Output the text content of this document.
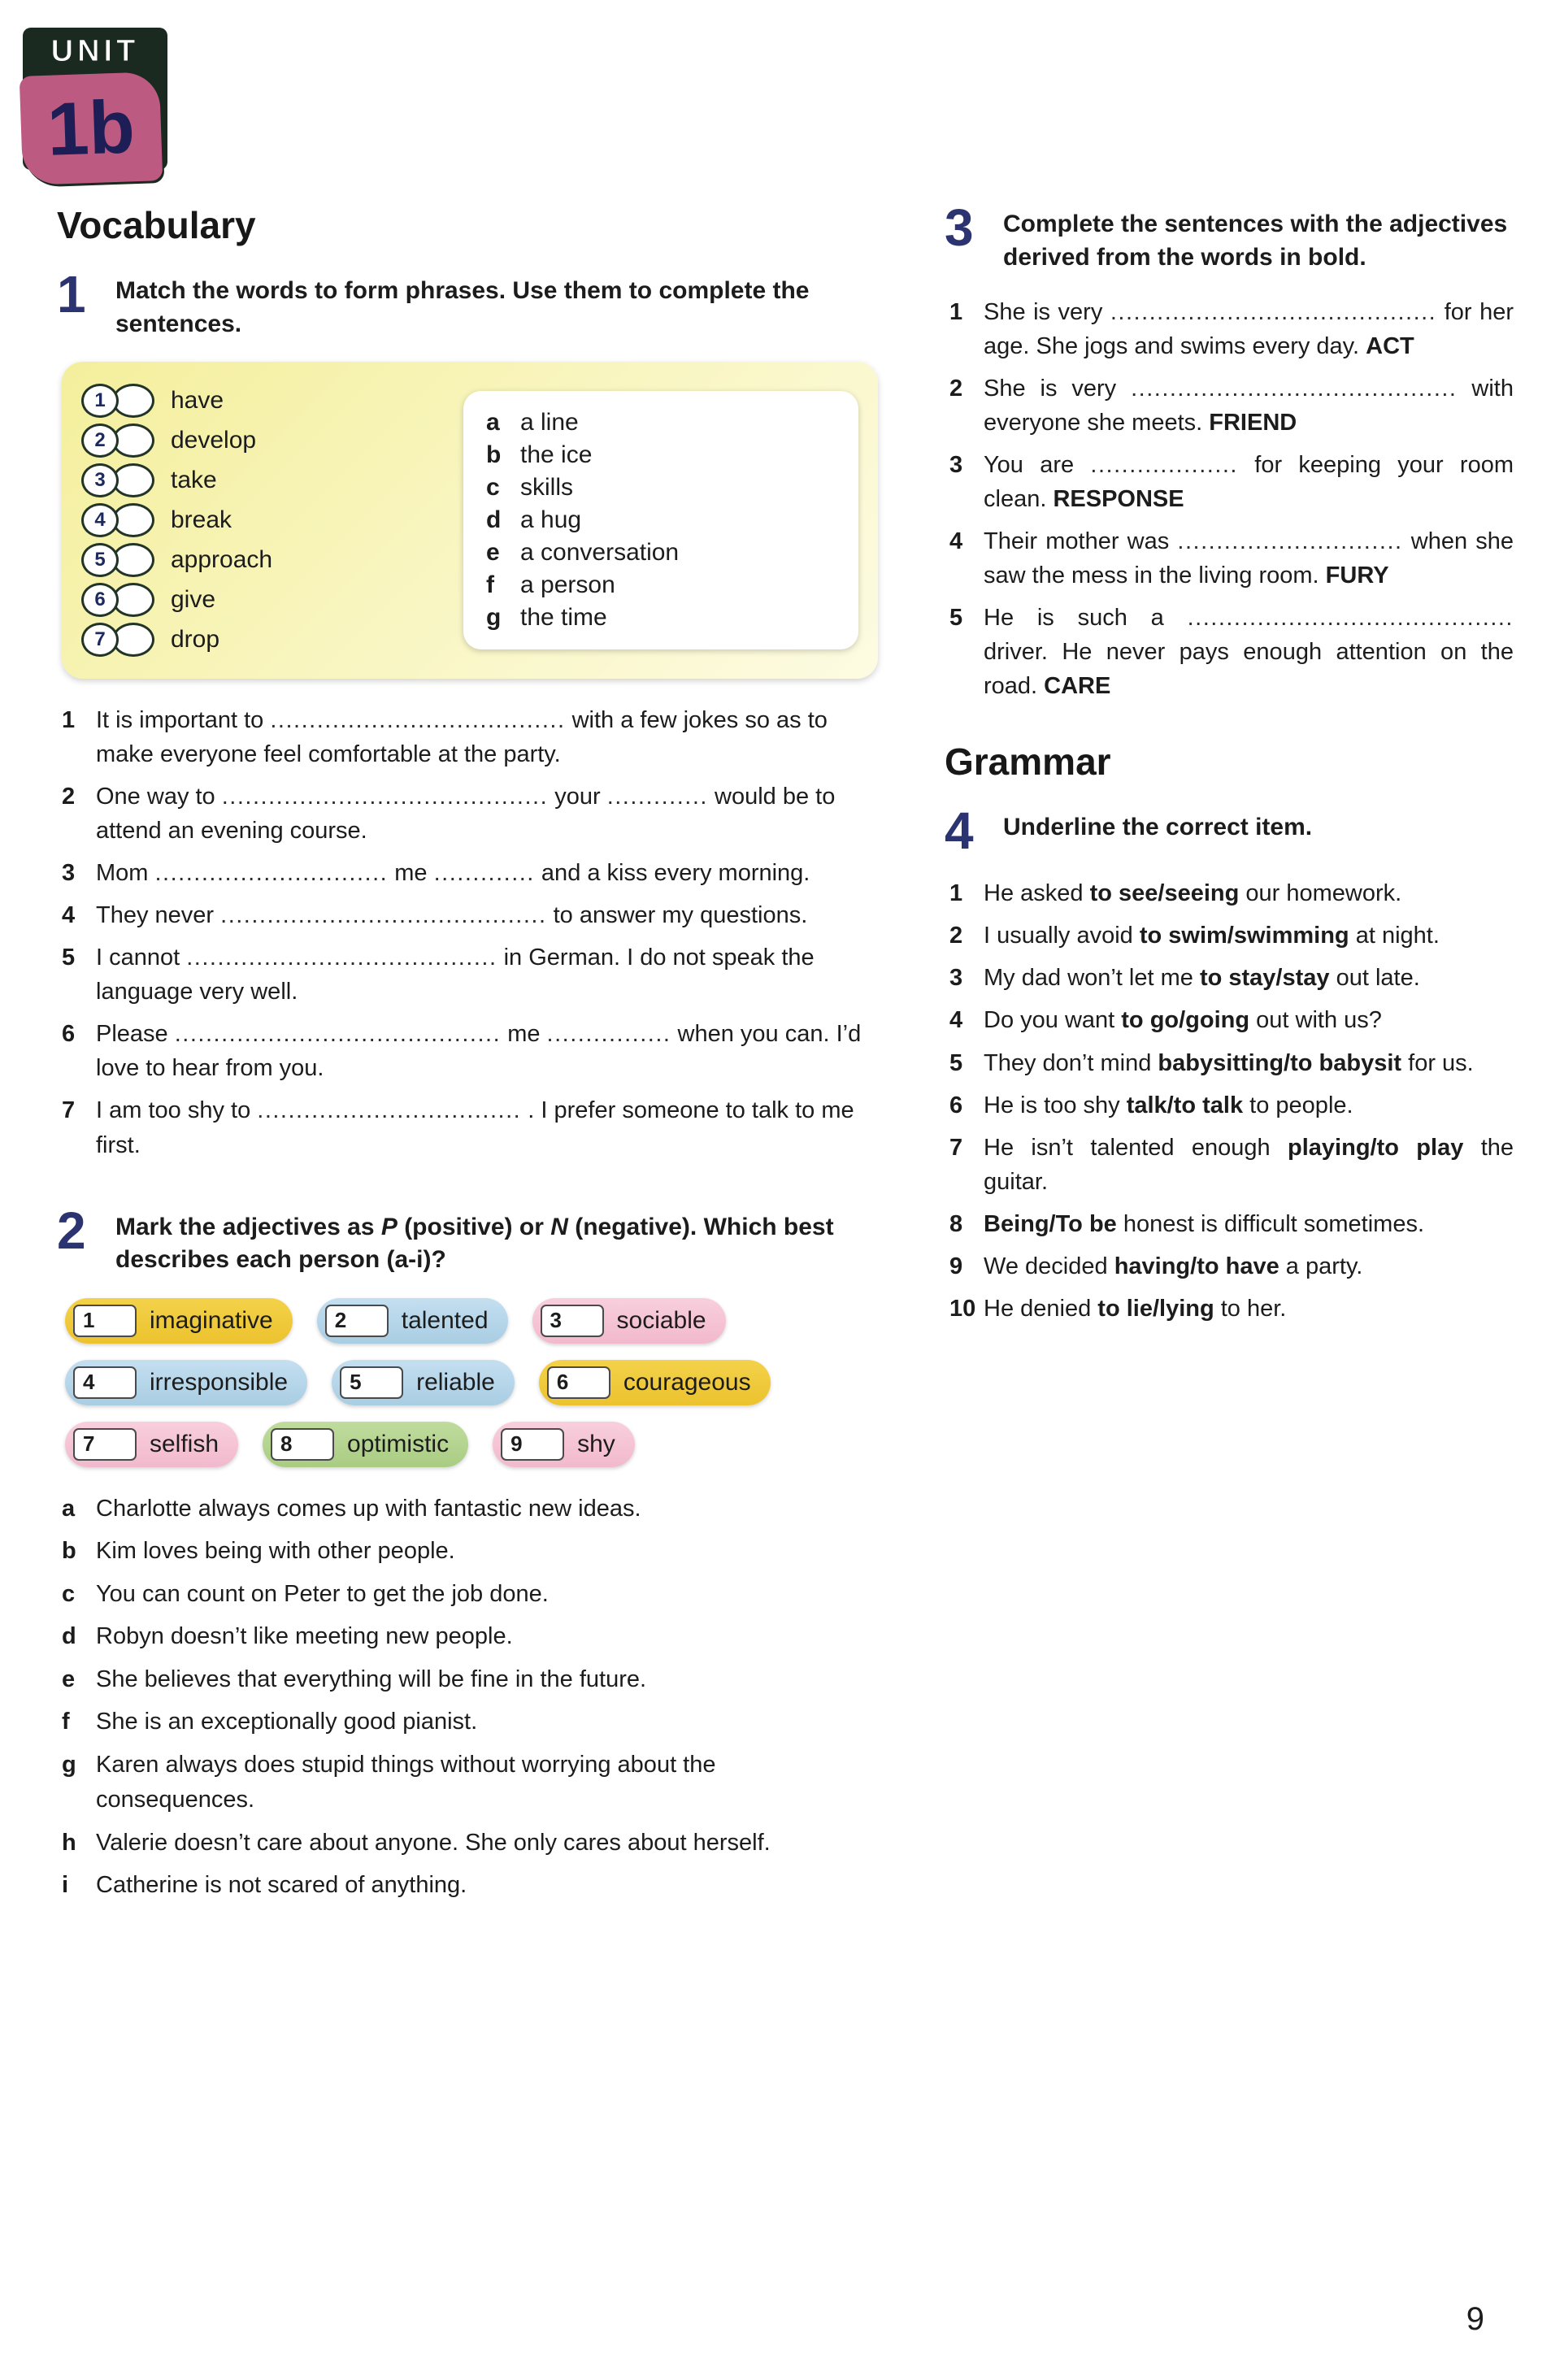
UNIT
1b
Vocabulary
1	Match the words to form phrases. Use them to complete the sentences.

1	have
2	develop
3	take
4	break
5	approach
6	give
7	drop
a a line
b the ice
c skills
d a hug
e a conversation
f	a person
g the time
1 It is important to ...................................... with a few jokes so as to make everyone feel comfortable at the party.
2 One way to .......................................... your ............. would be to attend an evening course.
3 Mom .............................. me ............. and a kiss every morning.
4 They never .......................................... to answer my questions.
5 I cannot ........................................ in German. I do not speak the language very well.
6 Please .......................................... me ................ when you can. I’d love to hear from you.
7 I am too shy to .................................. . I prefer someone to talk to me first.
2	Mark the adjectives as P (positive) or N (negative). Which best describes each person (a-i)?

1	imaginative	2	talented	3	sociable
4	irresponsible	5	reliable	6	courageous
7	selfish	8	optimistic	9	shy
a Charlotte always comes up with fantastic new ideas.
b Kim loves being with other people.
c You can count on Peter to get the job done.
d Robyn doesn’t like meeting new people.
e She believes that everything will be fine in the future.
f	She is an exceptionally good pianist.
g Karen always does stupid things without worrying about the consequences.
h Valerie doesn’t care about anyone. She only cares about herself.
i	Catherine is not scared of anything.
3	Complete the sentences with the adjectives derived from the words in bold.

1 She is very .......................................... for her age. She jogs and swims every day. ACT
2 She is very .......................................... with everyone she meets. FRIEND
3 You are ................... for keeping your room clean. RESPONSE
4 Their mother was ............................. when she saw the mess in the living room. FURY
5 He is such a .......................................... driver. He never pays enough attention on the road. CARE
Grammar
4	Underline the correct item.

1 He asked to see/seeing our homework.
2 I usually avoid to swim/swimming at night.
3 My dad won’t let me to stay/stay out late.
4 Do you want to go/going out with us?
5 They don’t mind babysitting/to babysit for us.
6 He is too shy talk/to talk to people.
7 He isn’t talented enough playing/to play the guitar.
8 Being/To be honest is difficult sometimes.
9 We decided having/to have a party.
10 He denied to lie/lying to her.
9
